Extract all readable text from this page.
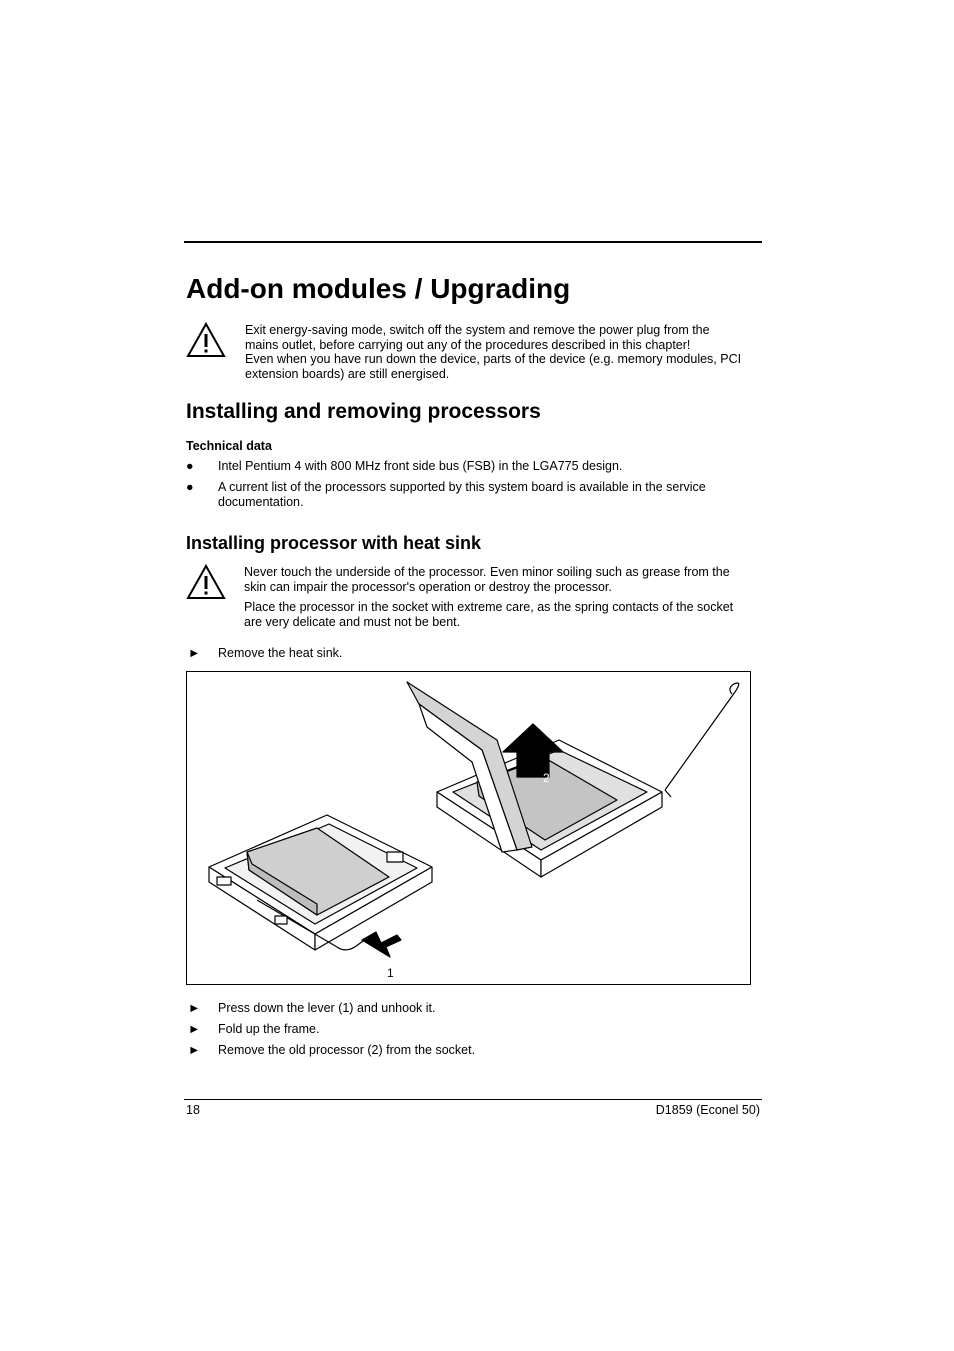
Add-on modules / Upgrading
Exit energy-saving mode, switch off the system and remove the power plug from the
mains outlet, before carrying out any of the procedures described in this chapter!
Even when you have run down the device, parts of the device (e.g. memory modules, PCI
extension boards) are still energised.
Installing and removing processors
Technical data
● Intel Pentium 4 with 800 MHz front side bus (FSB) in the LGA775 design.
● A current list of the processors supported by this system board is available in the service
documentation.
Installing processor with heat sink
Never touch the underside of the processor. Even minor soiling such as grease from the
skin can impair the processor's operation or destroy the processor.
Place the processor in the socket with extreme care, as the spring contacts of the socket
are very delicate and must not be bent.
► Remove the heat sink.
1
2
► Press down the lever (1) and unhook it.
► Fold up the frame.
► Remove the old processor (2) from the socket.
18	D1859 (Econel 50)
